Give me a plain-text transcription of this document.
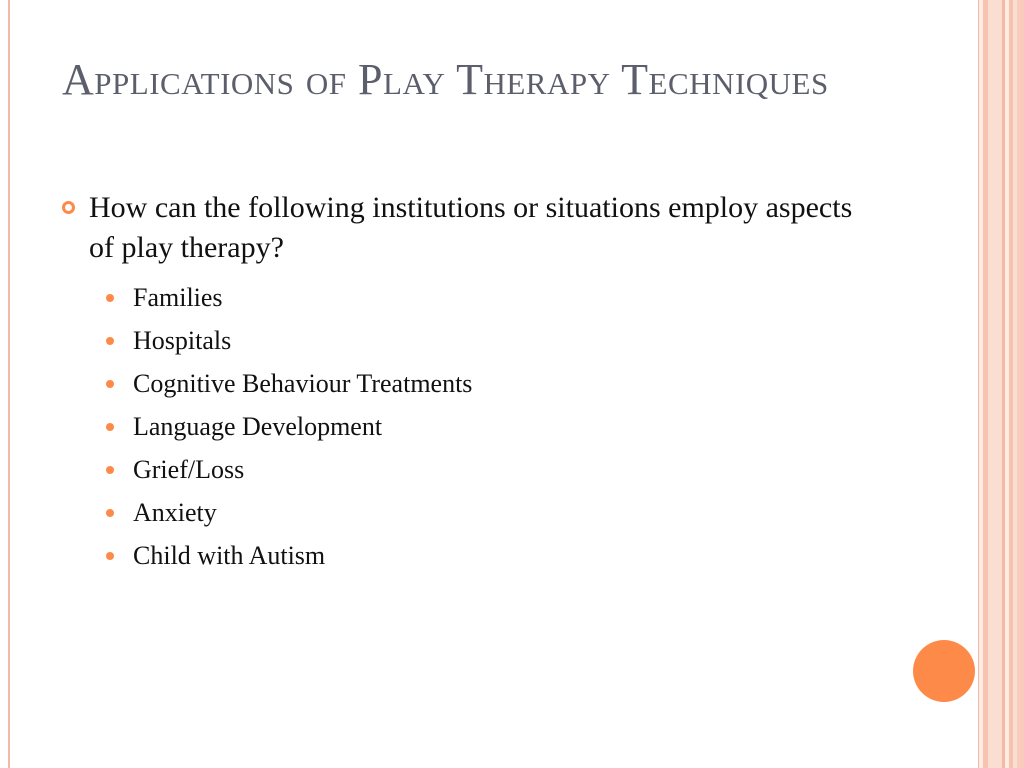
Applications of Play Therapy Techniques
How can the following institutions or situations employ aspects of play therapy?
Families
Hospitals
Cognitive Behaviour Treatments
Language Development
Grief/Loss
Anxiety
Child with Autism
